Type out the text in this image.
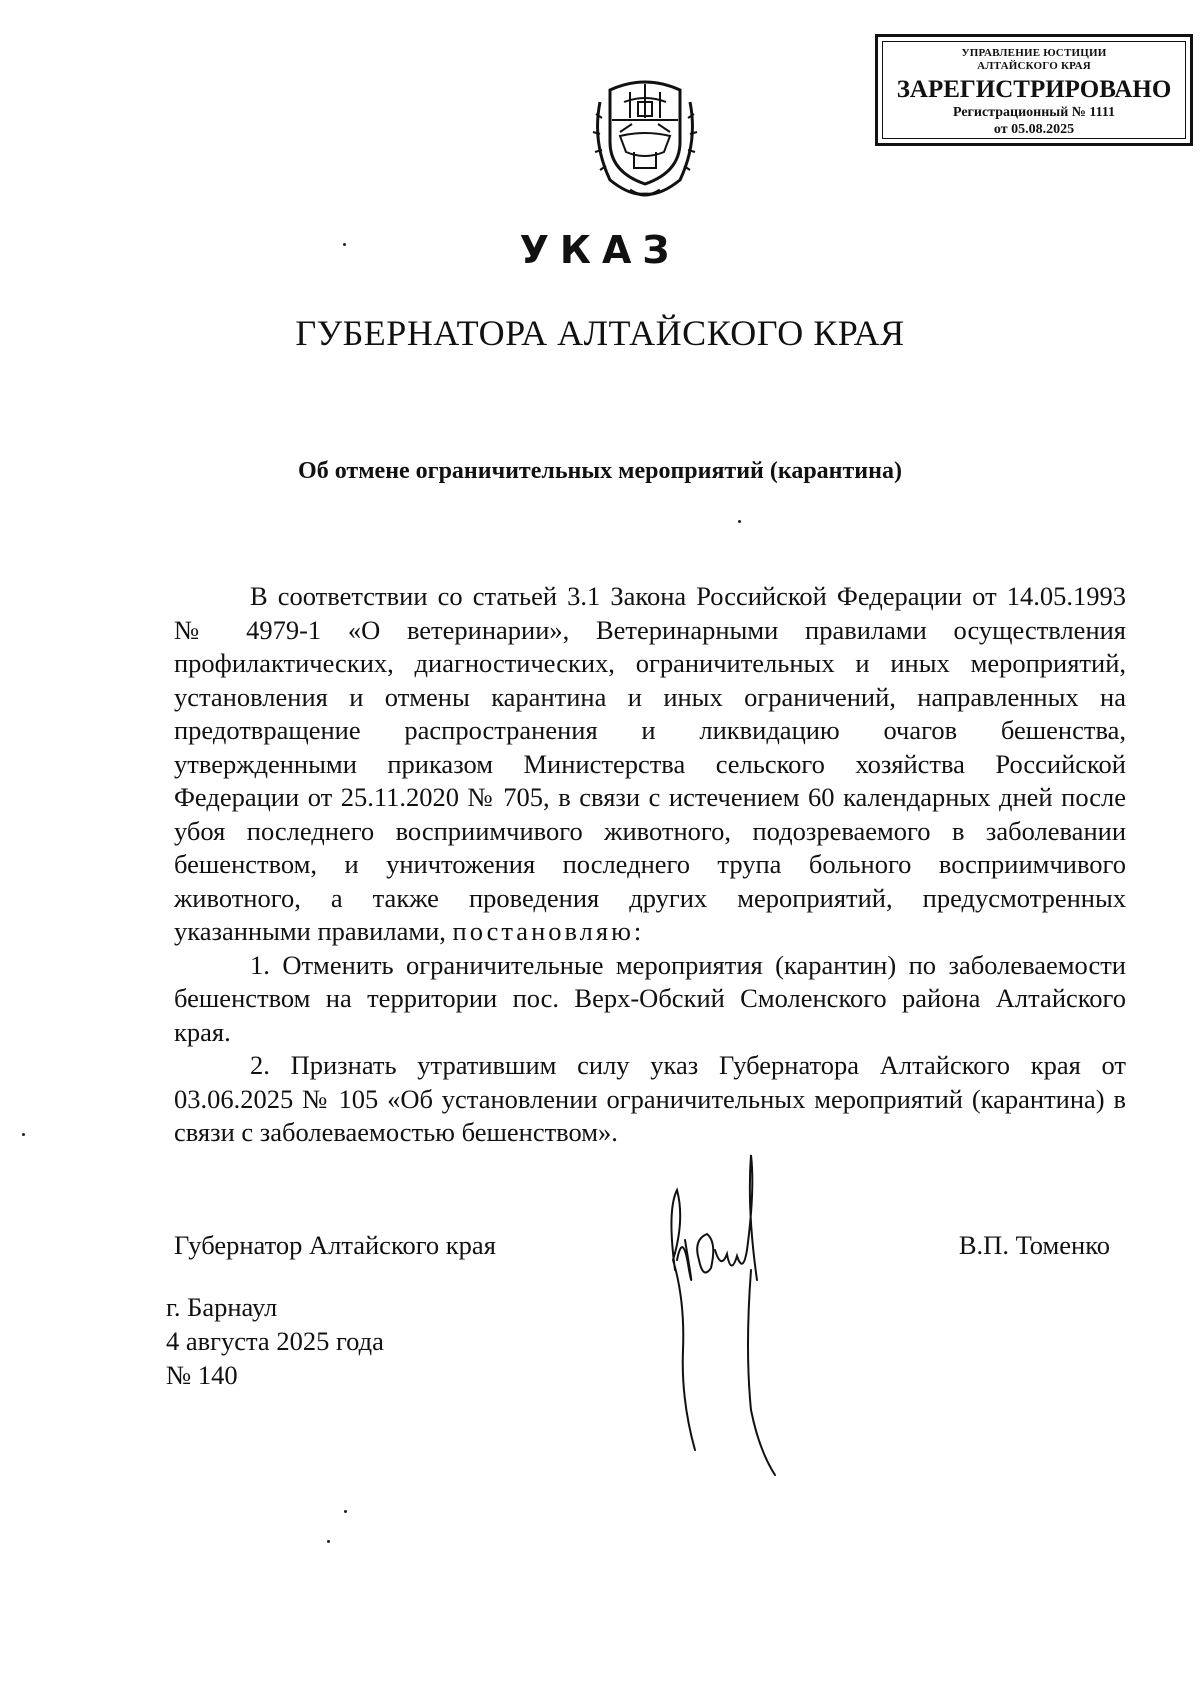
УПРАВЛЕНИЕ ЮСТИЦИИ
АЛТАЙСКОГО КРАЯ
ЗАРЕГИСТРИРОВАНО
Регистрационный № 1111
от 05.08.2025
УКАЗ
ГУБЕРНАТОРА АЛТАЙСКОГО КРАЯ
Об отмене ограничительных мероприятий (карантина)

В соответствии со статьей 3.1 Закона Российской Федерации от 14.05.1993 № 4979-1 «О ветеринарии», Ветеринарными правилами осуществления профилактических, диагностических, ограничительных и иных мероприятий, установления и отмены карантина и иных ограничений, направленных на предотвращение распространения и ликвидацию очагов бешенства, утвержденными приказом Министерства сельского хозяйства Российской Федерации от 25.11.2020 № 705, в связи с истечением 60 календарных дней после убоя последнего восприимчивого животного, подозреваемого в заболевании бешенством, и уничтожения последнего трупа больного восприимчивого животного, а также проведения других мероприятий, предусмотренных указанными правилами, постановляю:

1. Отменить ограничительные мероприятия (карантин) по заболеваемости бешенством на территории пос. Верх-Обский Смоленского района Алтайского края.

2. Признать утратившим силу указ Губернатора Алтайского края от 03.06.2025 № 105 «Об установлении ограничительных мероприятий (карантина) в связи с заболеваемостью бешенством».

Губернатор Алтайского края	В.П. Томенко
г. Барнаул
4 августа 2025 года
№ 140
